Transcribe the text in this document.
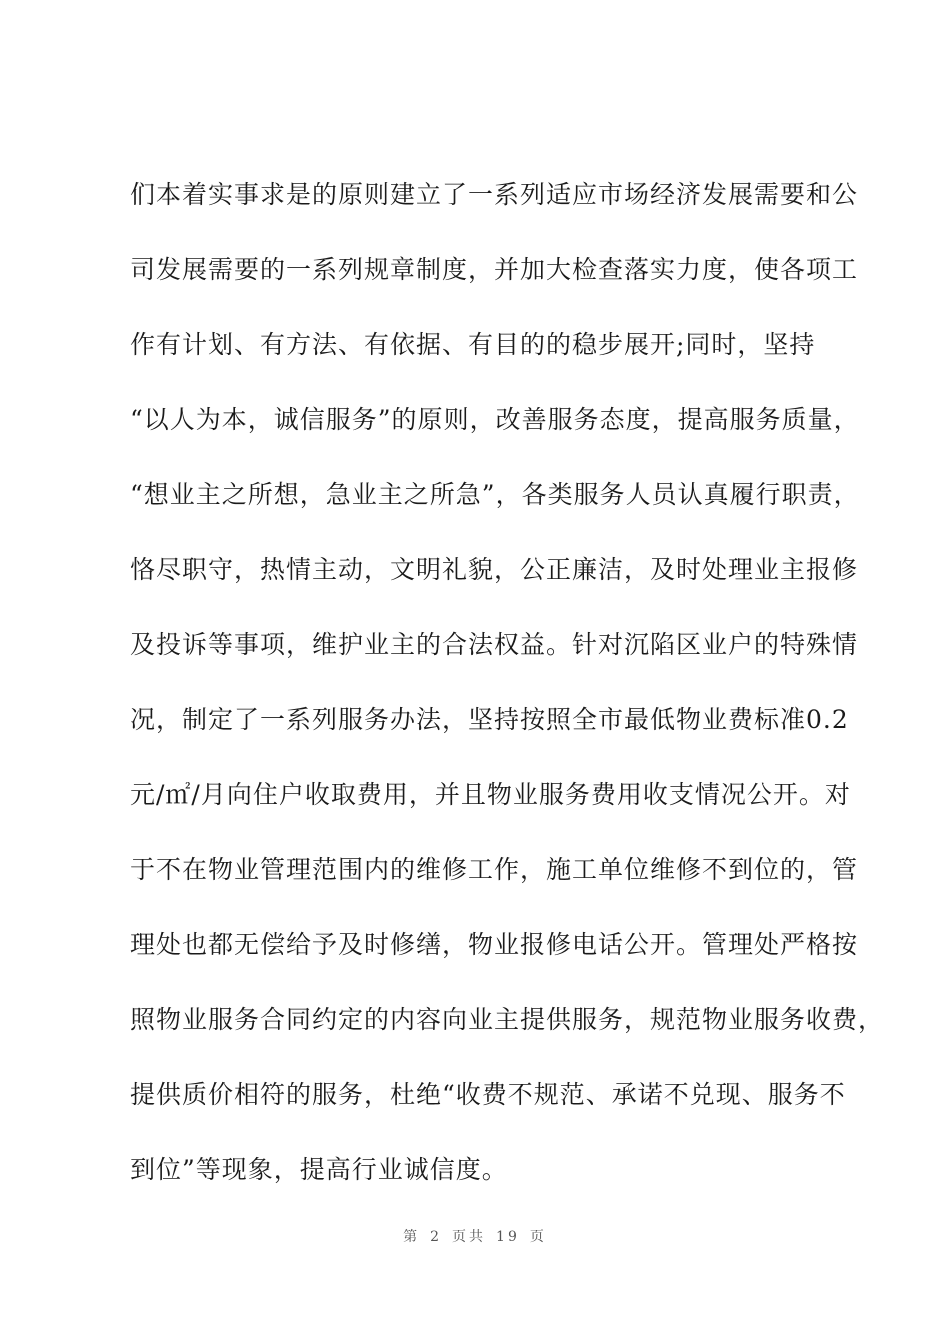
们本着实事求是的原则建立了一系列适应市场经济发展需要和公
司发展需要的一系列规章制度，并加大检查落实力度，使各项工
作有计划、有方法、有依据、有目的的稳步展开;同时，坚持
“以人为本，诚信服务”的原则，改善服务态度，提高服务质量，
“想业主之所想，急业主之所急”，各类服务人员认真履行职责，
恪尽职守，热情主动，文明礼貌，公正廉洁，及时处理业主报修
及投诉等事项，维护业主的合法权益。针对沉陷区业户的特殊情
况，制定了一系列服务办法，坚持按照全市最低物业费标准0.2
元/㎡/月向住户收取费用，并且物业服务费用收支情况公开。对
于不在物业管理范围内的维修工作，施工单位维修不到位的，管
理处也都无偿给予及时修缮，物业报修电话公开。管理处严格按
照物业服务合同约定的内容向业主提供服务，规范物业服务收费，
提供质价相符的服务，杜绝“收费不规范、承诺不兑现、服务不
到位”等现象，提高行业诚信度。
第 2 页共 19 页
